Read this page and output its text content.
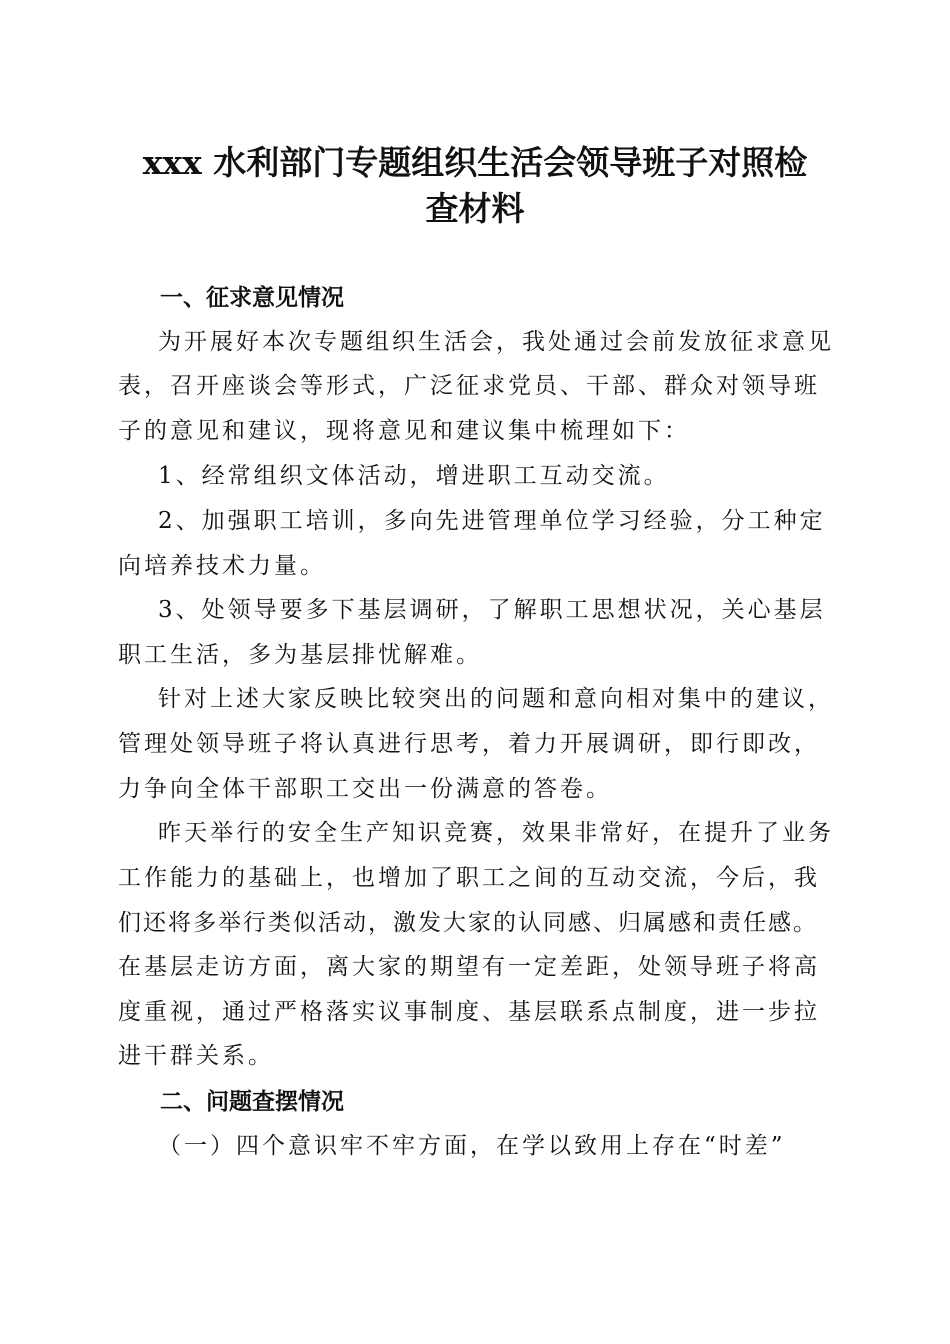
xxx 水利部门专题组织生活会领导班子对照检
查材料
一、征求意见情况
为开展好本次专题组织生活会，我处通过会前发放征求意见
表，召开座谈会等形式，广泛征求党员、干部、群众对领导班
子的意见和建议，现将意见和建议集中梳理如下：
1、经常组织文体活动，增进职工互动交流。
2、加强职工培训，多向先进管理单位学习经验，分工种定
向培养技术力量。
3、处领导要多下基层调研，了解职工思想状况，关心基层
职工生活，多为基层排忧解难。
针对上述大家反映比较突出的问题和意向相对集中的建议，
管理处领导班子将认真进行思考，着力开展调研，即行即改，
力争向全体干部职工交出一份满意的答卷。
昨天举行的安全生产知识竞赛，效果非常好，在提升了业务
工作能力的基础上，也增加了职工之间的互动交流，今后，我
们还将多举行类似活动，激发大家的认同感、归属感和责任感。
在基层走访方面，离大家的期望有一定差距，处领导班子将高
度重视，通过严格落实议事制度、基层联系点制度，进一步拉
进干群关系。
二、问题查摆情况
（一）四个意识牢不牢方面，在学以致用上存在“时差”
